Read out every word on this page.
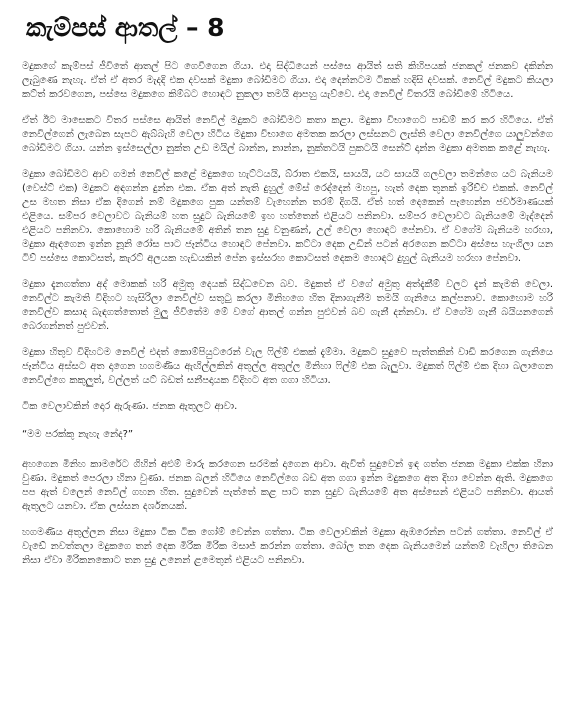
කැම්පස් ආතල් – 8

මදුකගේ කැම්පස් ජීවිතේ ආතල් පිට ගෙවීගෙන ගියා. එදා සිද්ධියෙන් පස්සෙ ආයිත් සති කිහිපයක් ජනකල් ජනකව දකින්න ලැබුණෙ නැහැ. ඒත් ඒ අතර මැදදි එක දවසක් මදුකා බෝඩිමට ගියා. එදා දෙන්නටම ටිකක් හදිසි දවසක්. නෙවිල් මදුකට කියලා කට්ත් කරවගෙන, පස්සෙ මදුකගෙ කිම්බට හොඳට නුකලා තමයි ආපහු යැව්වෙ. එදා නෙවිල් විතරයි බෝඩිමේ හිටියෙ.

ඒත් ඊට මාසෙකට විතර පස්සෙ ආයිත් නෙවිල් මදුකට බෝඩිමට කතා කළා. මදුකා විභාගෙට පාඩම් කර කර හිටියෙ. ඒත් නෙවිල්ගෙන් ලැබෙන සැපට ඇබ්බැහි වෙලා හිටිය මදුකා විභාගෙ අමතක කරලා ලස්සනට ලැස්ති වෙලා නෙවිල්ගෙ යාලුවන්ගෙ බෝඩිමට ගියා. යන්න ඉස්සෙල්ලා නුක්ත උඩ මයිල් බාන්න, නාන්න, නුක්තටයි පුකටයි සෙන්ට් දාන්න මදුකා අමතක කළේ නැහැ.

මදුකා බෝඩිමට ආව ගමන් නෙවිල් කළේ මදුකගෙ හැට්ටයයි, බ්රාත එකයි, සායයි, යට සායයි ගලවලා තමන්ගෙ යට බැනියම (වෙස්ට් එක) මදුකට අඳගන්න දුන්න එක. ඒක අත් නැති දුහුල් මේස් රෙද්දෙන් මහපු, හැත් දෙක තුනක් ඉරිච්ච එකක්. නෙවිල් උස මහත නිසා ඒක දිගෙන් නම් මදුකගෙ පුක යන්තම් වැහෙන්න තරම් දිගයි. ඒත් හත් දෙකෙන් පැහෙන්න ජර්වමාණයක් එළියෙ. සම්පර වෙලාවට බැනියම් හත සුදුට බැනියමේ ඉහ හත්තෙන් එළියට පනිනවා. සම්පර වෙලාවට බැනියමේ මැද්දෙන් එළියට පනිනවා. කොහොම හරි බැනියමේ අතින් තන සුදු වනුණන්, උල් වෙලා හොඳට පේනවා. ඒ වගේම බැනියම හරහා, මදුකා ඇඳගෙන ඉන්න නූනි රෝස පාට ජෑන්ටිය හොඳට පේනවා. කට්ටා දෙක උඩින් පටන් අරගෙන කට්ටා අස්සෙ හැංගිලා යන ටිව් පස්සෙ කොටසත්, කැරට් අලයක හැඩයකින් පේන ඉස්සරහ කොටසත් දෙකම හොඳට දුහුල් බැනියම හරහා පේනවා.

මදුකා දැනගත්තා අද් මොකක් හරි අමුතු දෙයක් සිද්ධවෙන බව. මදුකත් ඒ වගේ අමුතු අත්දැකීම් වලට දැන් කැමති වෙලා. නෙවිල්ට කැමති විදිහට හැසිරිලා නෙවිල්ව සතුටු කරලා මිනිහගෙ හිත දිනාගැනීම තමයි ගැනියෙ කල්පනාව. කොහොම හරි නෙවිල්ව කසාද බැඳගත්තොත් මුලු ජීවිතේම මේ වගේ ආතල් ගන්න පුළුවන් බව ගැනී දන්නවා. ඒ වගේම ගෑනී බයියනගෙන් බෙරගන්නත් පුළුවන්.

මදුකා හිතුව විදිහටම නෙවිල් එදත් කොම්පියුටරෙන් වැල ෆිල්ම් එකක් දැම්මා. මදුකට සුදුවෙ පැත්තකින් වාඩි කරගෙන ගැනියෙ ජෑන්ටිය අස්සට අත දාගෙන හගමණිය ඇඟිල්ලකින් අතුල්ල අතුල්ල මිනිහා ෆිල්ම් එක බැලුවා. මදුකත් ෆිල්ම් එක දිහා බලාගෙන නෙවිල්ගෙ කකුලුත්, වල්ලත් යට් බඩත් සනීපදායක විදිහට අත ගගා හිටියා.

ටික වෙලාවකින් දොර ඇරුණා. ජනක ඇතුලට ආවා.

“මම පරක්කු නැහැ නේද?”

අහගෙන මිනිහ කාමරේට ගිහින් අළුම් මාරු කරගෙන සරමක් දාගෙන ආවා. ඇවිත් සුදුවෙන් ඉඳ ගත්ත ජනක මදුකා එක්ක හිනා වුණා. මදුකත් පෙරලා හිනා වුණා. ජනක බලන් හිටියෙ නෙවිල්ගෙ බඩ අත ගගා ඉන්න මදුකගෙ අත දිහා වෙන්න ඇති. මදුකගෙ පප ඇත් වලෙන් නෙවිල් ගහන හිත. සුදුවෙන් පැත්තේ කළ පාට තන සුදුව බැනියමේ අත අස්සෙන් එළියට පනිනවා. ආයත් ඇතුලට යනවා. ඒක ලස්සන දර්ශනයක්.

හගමණිය අතුල්ලන නිසා මදුකා ටික ටික ගෝම් වෙන්න ගත්තා. ටික වෙලාවකින් මදුකා ඇඹරෙන්න පටන් ගත්තා. නෙවිල් ඒ වැඩේ නවත්තලා මදුකගෙ තන් දෙක මිරික මිරික මසාජ් කරන්න ගත්තා. බෝල තන දෙක බැනියමෙන් යන්තම් වැහිලා තිබෙන නිසා ඒවා මිරිකනකොට තන සුදු උනෙන් ළමෙතුන් එළියට පනිනවා.
